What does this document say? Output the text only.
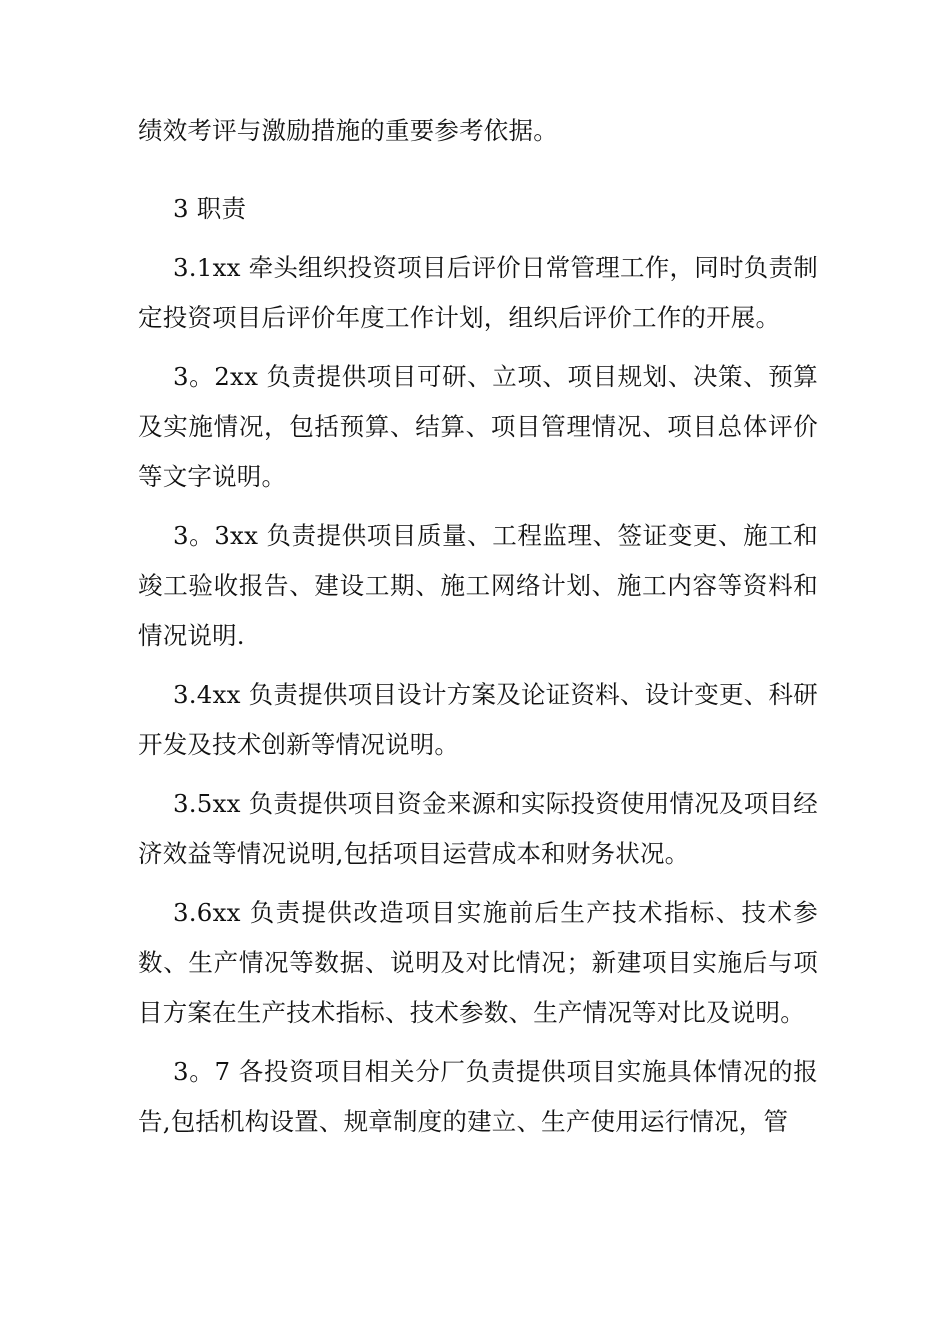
绩效考评与激励措施的重要参考依据。

3 职责

3.1xx 牵头组织投资项目后评价日常管理工作，同时负责制定投资项目后评价年度工作计划，组织后评价工作的开展。

3。2xx 负责提供项目可研、立项、项目规划、决策、预算及实施情况，包括预算、结算、项目管理情况、项目总体评价等文字说明。

3。3xx 负责提供项目质量、工程监理、签证变更、施工和竣工验收报告、建设工期、施工网络计划、施工内容等资料和情况说明.

3.4xx 负责提供项目设计方案及论证资料、设计变更、科研开发及技术创新等情况说明。

3.5xx 负责提供项目资金来源和实际投资使用情况及项目经济效益等情况说明,包括项目运营成本和财务状况。

3.6xx 负责提供改造项目实施前后生产技术指标、技术参数、生产情况等数据、说明及对比情况；新建项目实施后与项目方案在生产技术指标、技术参数、生产情况等对比及说明。

3。7 各投资项目相关分厂负责提供项目实施具体情况的报告,包括机构设置、规章制度的建立、生产使用运行情况，管
